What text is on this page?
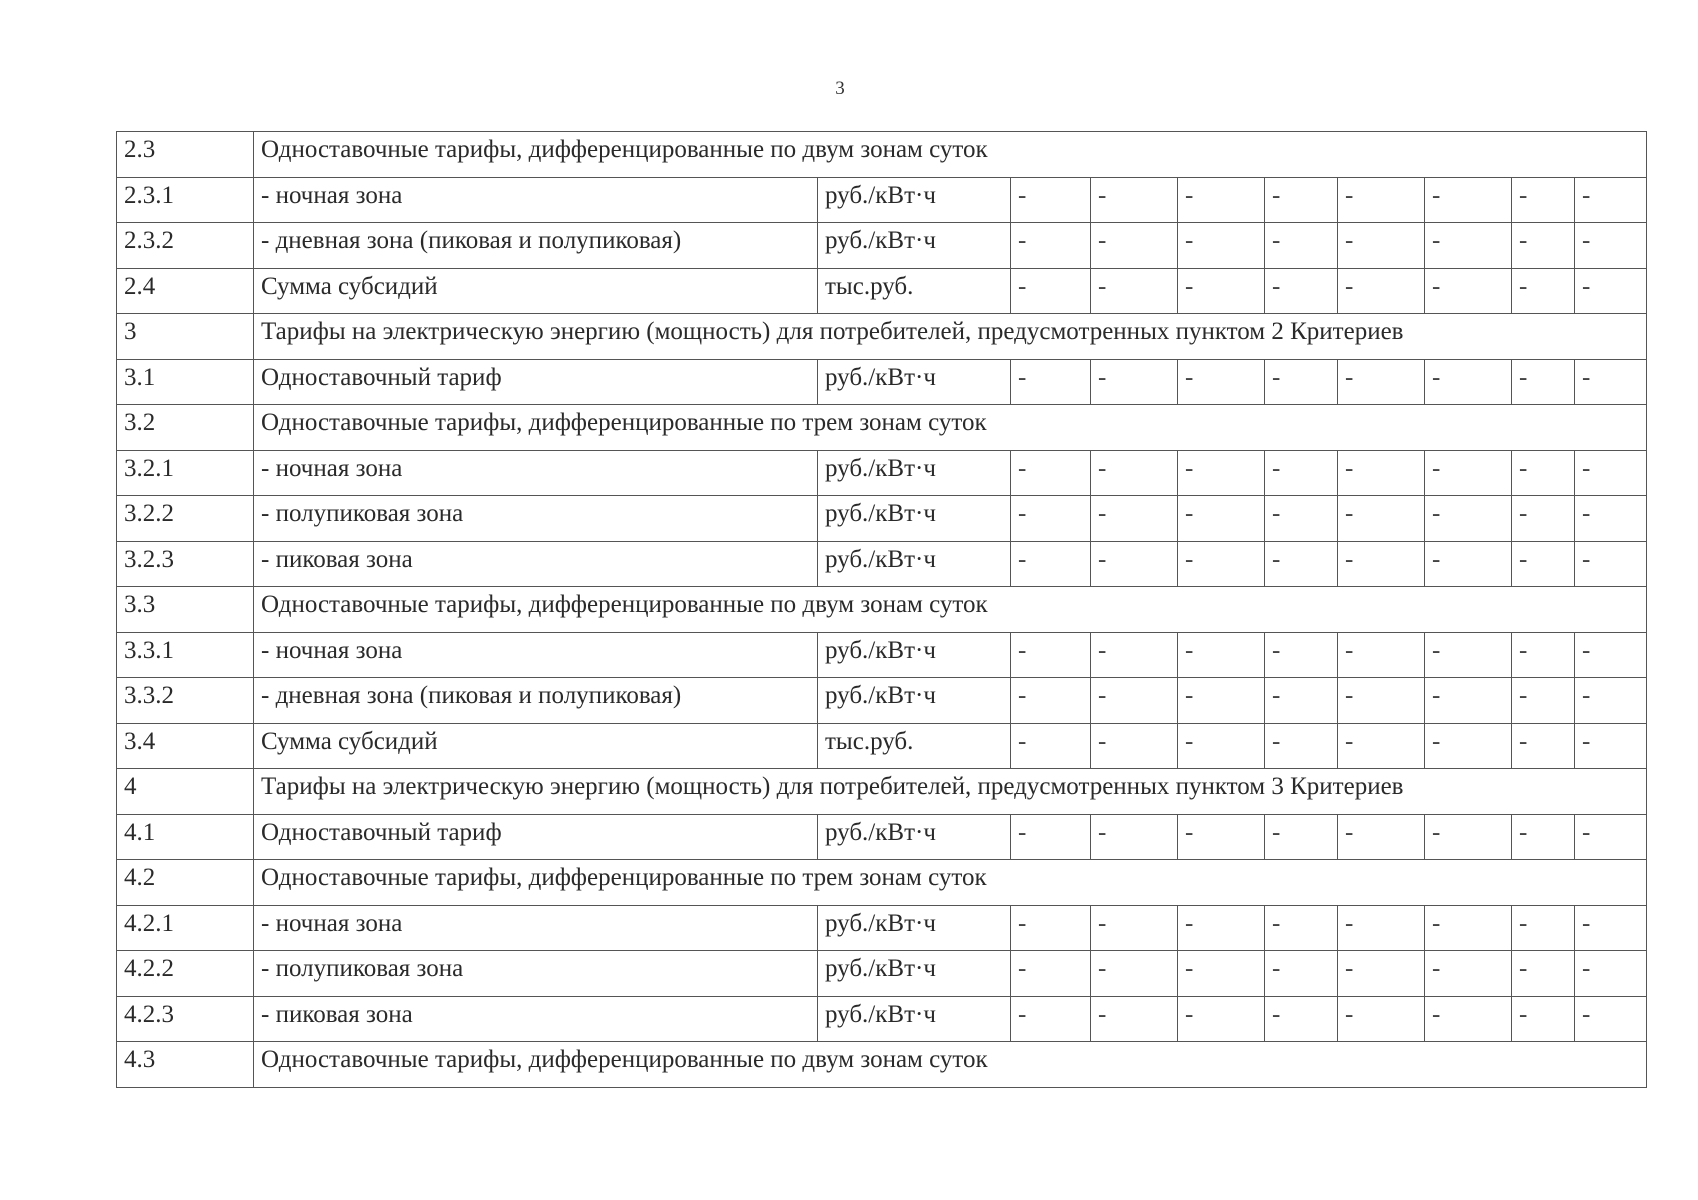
3
2.3	Одноставочные тарифы, дифференцированные по двум зонам суток									
2.3.1	- ночная зона	руб./кВт·ч	-	-	-	-	-	-	-	-
2.3.2	- дневная зона (пиковая и полупиковая)	руб./кВт·ч	-	-	-	-	-	-	-	-
2.4	Сумма субсидий	тыс.руб.	-	-	-	-	-	-	-	-
3	Тарифы на электрическую энергию (мощность) для потребителей, предусмотренных пунктом 2 Критериев									
3.1	Одноставочный тариф	руб./кВт·ч	-	-	-	-	-	-	-	-
3.2	Одноставочные тарифы, дифференцированные по трем зонам суток									
3.2.1	- ночная зона	руб./кВт·ч	-	-	-	-	-	-	-	-
3.2.2	- полупиковая зона	руб./кВт·ч	-	-	-	-	-	-	-	-
3.2.3	- пиковая зона	руб./кВт·ч	-	-	-	-	-	-	-	-
3.3	Одноставочные тарифы, дифференцированные по двум зонам суток									
3.3.1	- ночная зона	руб./кВт·ч	-	-	-	-	-	-	-	-
3.3.2	- дневная зона (пиковая и полупиковая)	руб./кВт·ч	-	-	-	-	-	-	-	-
3.4	Сумма субсидий	тыс.руб.	-	-	-	-	-	-	-	-
4	Тарифы на электрическую энергию (мощность) для потребителей, предусмотренных пунктом 3 Критериев									
4.1	Одноставочный тариф	руб./кВт·ч	-	-	-	-	-	-	-	-
4.2	Одноставочные тарифы, дифференцированные по трем зонам суток									
4.2.1	- ночная зона	руб./кВт·ч	-	-	-	-	-	-	-	-
4.2.2	- полупиковая зона	руб./кВт·ч	-	-	-	-	-	-	-	-
4.2.3	- пиковая зона	руб./кВт·ч	-	-	-	-	-	-	-	-
4.3	Одноставочные тарифы, дифференцированные по двум зонам суток									
